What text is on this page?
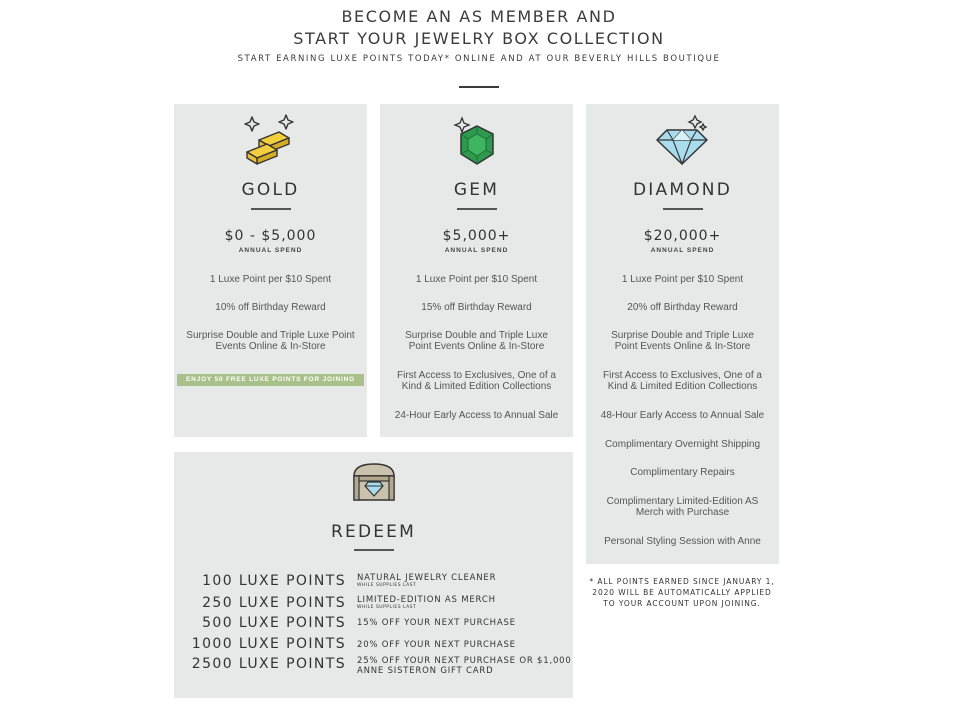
BECOME AN AS MEMBER AND
START YOUR JEWELRY BOX COLLECTION
START EARNING LUXE POINTS TODAY* ONLINE AND AT OUR BEVERLY HILLS BOUTIQUE
GOLD
$0 - $5,000
ANNUAL SPEND
1 Luxe Point per $10 Spent
10% off Birthday Reward
Surprise Double and Triple Luxe Point Events Online & In-Store
ENJOY 50 FREE LUXE POINTS FOR JOINING
GEM
$5,000+
ANNUAL SPEND
1 Luxe Point per $10 Spent
15% off Birthday Reward
Surprise Double and Triple Luxe Point Events Online & In-Store
First Access to Exclusives, One of a Kind & Limited Edition Collections
24-Hour Early Access to Annual Sale
DIAMOND
$20,000+
ANNUAL SPEND
1 Luxe Point per $10 Spent
20% off Birthday Reward
Surprise Double and Triple Luxe Point Events Online & In-Store
First Access to Exclusives, One of a Kind & Limited Edition Collections
48-Hour Early Access to Annual Sale
Complimentary Overnight Shipping
Complimentary Repairs
Complimentary Limited-Edition AS Merch with Purchase
Personal Styling Session with Anne
* ALL POINTS EARNED SINCE JANUARY 1, 2020 WILL BE AUTOMATICALLY APPLIED TO YOUR ACCOUNT UPON JOINING.
REDEEM
100 LUXE POINTS NATURAL JEWELRY CLEANER
WHILE SUPPLIES LAST
250 LUXE POINTS LIMITED-EDITION AS MERCH
WHILE SUPPLIES LAST
500 LUXE POINTS 15% OFF YOUR NEXT PURCHASE
1000 LUXE POINTS 20% OFF YOUR NEXT PURCHASE
2500 LUXE POINTS 25% OFF YOUR NEXT PURCHASE OR $1,000 ANNE SISTERON GIFT CARD
